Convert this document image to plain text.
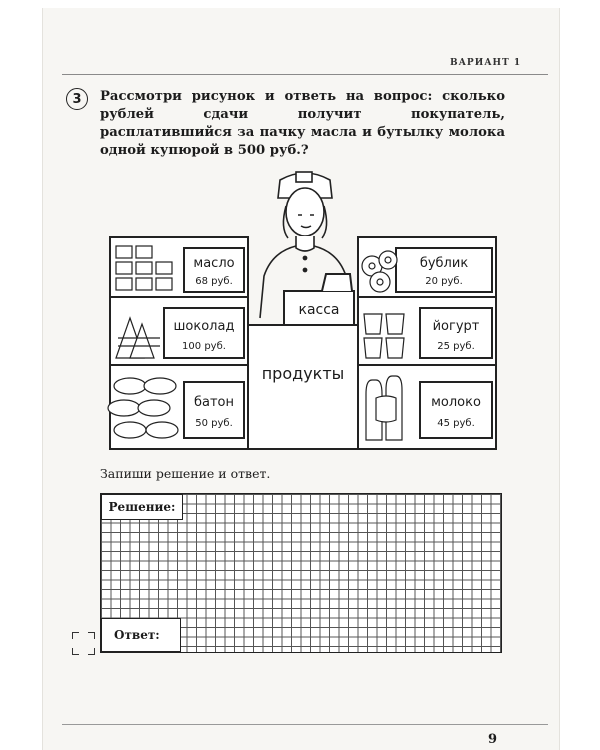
ВАРИАНТ 1
3	Рассмотри рисунок и ответь на вопрос: сколько рублей сдачи получит покупатель, расплатившийся за пачку масла и бутылку молока одной купюрой в 500 руб.?
масло
68 руб.
шоколад
100 руб.
батон
50 руб.
бублик
20 руб.
йогурт
25 руб.
молоко
45 руб.
касса
продукты
Запиши решение и ответ.
Решение:
Ответ:
9
